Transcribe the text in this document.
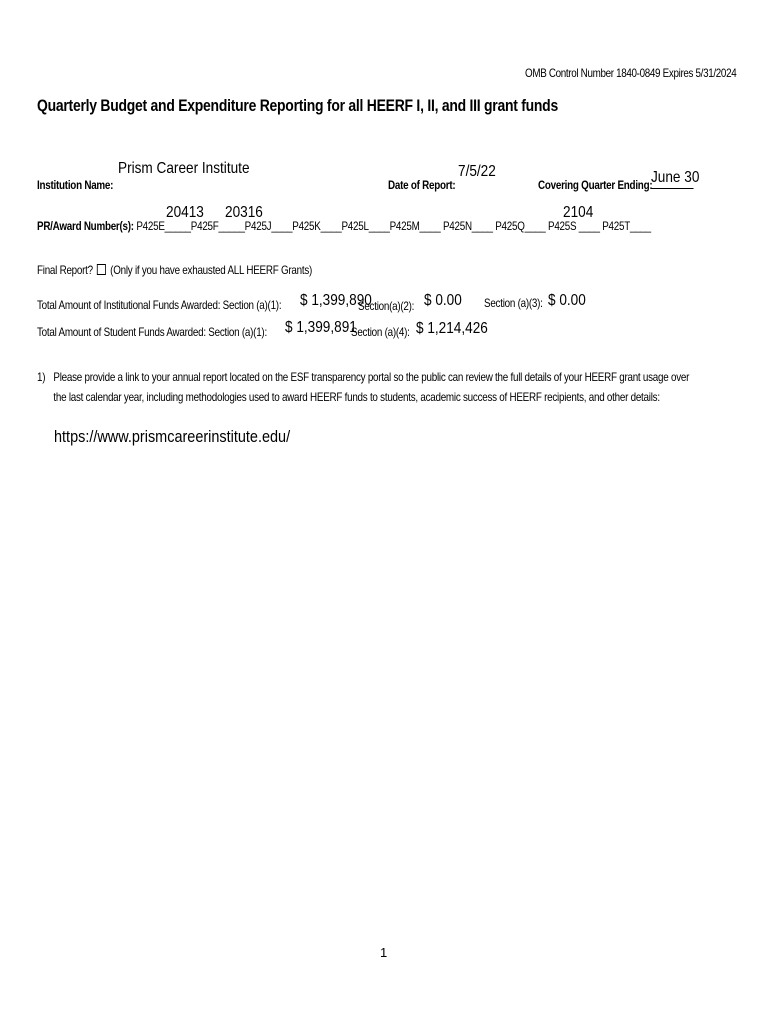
OMB Control Number 1840-0849 Expires 5/31/2024
Quarterly Budget and Expenditure Reporting for all HEERF I, II, and III grant funds
Prism Career Institute
Institution Name:
7/5/22
Date of Report:	Covering Quarter Ending:
June 30
20413 20316	2104
PR/Award Number(s): P425E_____P425F_____P425J____P425K____P425L____P425M____ P425N____ P425Q____ P425S ____ P425T____
Final Report? (Only if you have exhausted ALL HEERF Grants)
Total Amount of Institutional Funds Awarded: Section (a)(1): $ 1,399,890
Section(a)(2): $ 0.00 Section (a)(3): $ 0.00
Total Amount of Student Funds Awarded: Section (a)(1): $ 1,399,891
Section (a)(4): $ 1,214,426
1) Please provide a link to your annual report located on the ESF transparency portal so the public can review the full details of your HEERF grant usage over
the last calendar year, including methodologies used to award HEERF funds to students, academic success of HEERF recipients, and other details:
https://www.prismcareerinstitute.edu/
1
